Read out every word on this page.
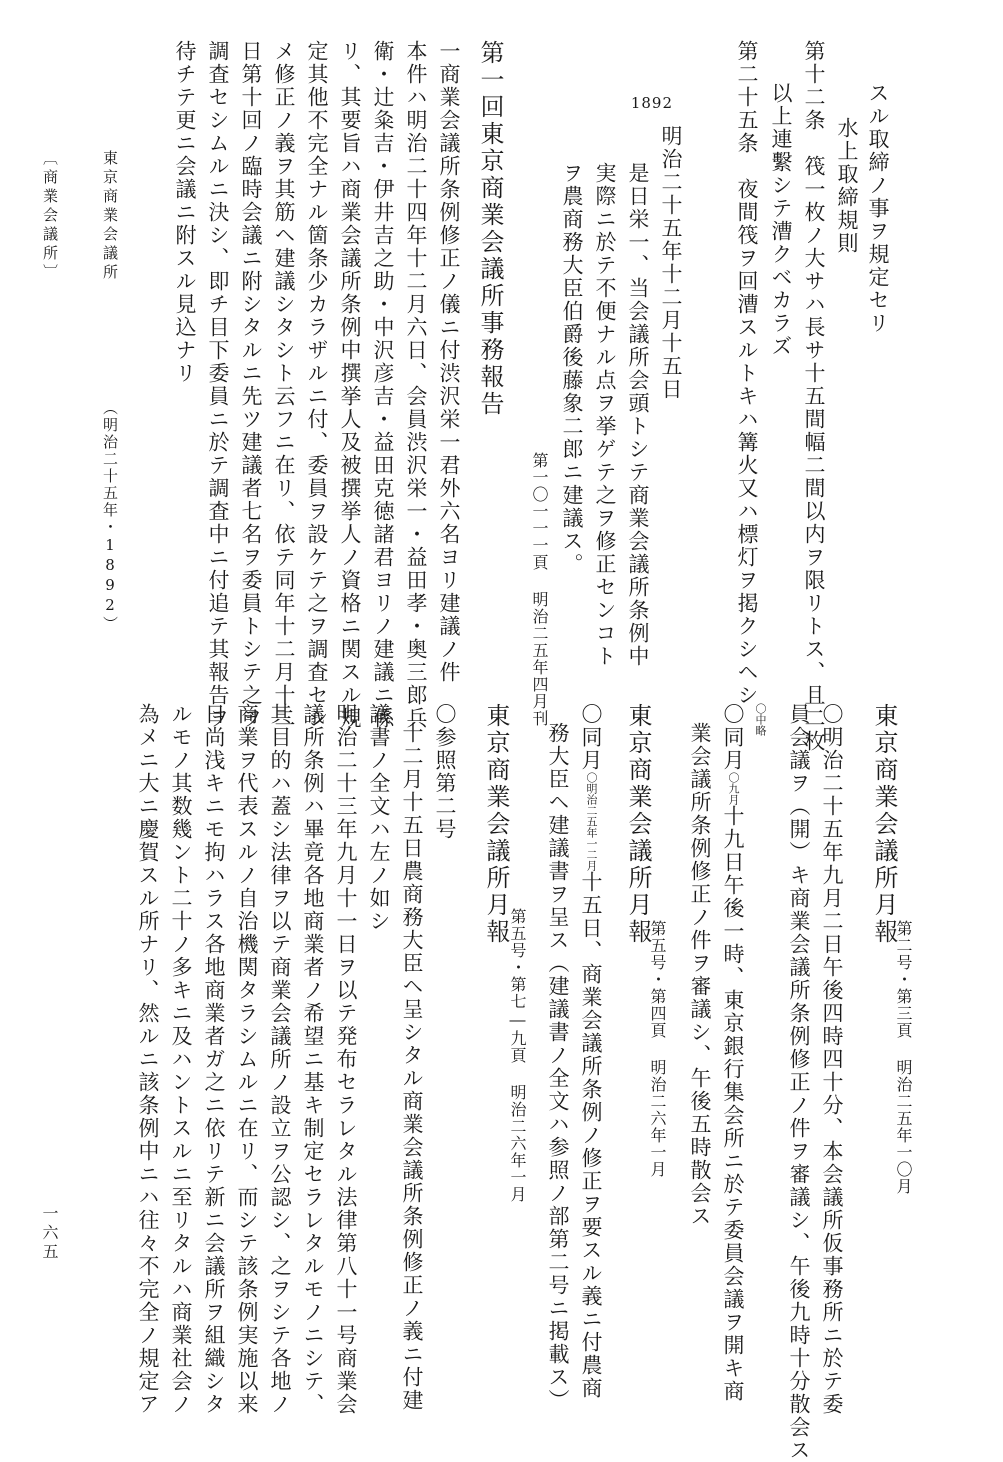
スル取締ノ事ヲ規定セリ
水上取締規則
第十二条　筏一枚ノ大サハ長サ十五間幅二間以内ヲ限リトス、且二枚
以上連繫シテ漕クベカラズ
第二十五条　夜間筏ヲ回漕スルトキハ篝火又ハ標灯ヲ掲クシヘシ
1892
明治二十五年十二月十五日
是日栄一、当会議所会頭トシテ商業会議所条例中
実際ニ於テ不便ナル点ヲ挙ゲテ之ヲ修正センコト
ヲ農商務大臣伯爵後藤象二郎ニ建議ス。
第一回東京商業会議所事務報告
第一〇一一一頁 明治二五年四月刊
一商業会議所条例修正ノ儀ニ付渋沢栄一君外六名ヨリ建議ノ件
本件ハ明治二十四年十二月六日、会員渋沢栄一・益田孝・奥三郎兵
衛・辻粂吉・伊井吉之助・中沢彦吉・益田克徳諸君ヨリノ建議ニ係
リ、其要旨ハ商業会議所条例中撰挙人及被撰挙人ノ資格ニ関スル規
定其他不完全ナル箇条少カラザルニ付、委員ヲ設ケテ之ヲ調査セシ
メ修正ノ義ヲ其筋ヘ建議シタシト云フニ在リ、依テ同年十二月十二
日第十回ノ臨時会議ニ附シタルニ先ツ建議者七名ヲ委員トシテ之ヲ
調査セシムルニ決シ、即チ目下委員ニ於テ調査中ニ付追テ其報告ヲ
待チテ更ニ会議ニ附スル見込ナリ
東京商業会議所
（明治二十五年・1892）
〔商業会議所〕
東京商業会議所月報
第二号・第三頁 明治二五年一〇月
〇明治二十五年九月二日午後四時四十分、本会議所仮事務所ニ於テ委
員会議ヲ（開）キ商業会議所条例修正ノ件ヲ審議シ、午後九時十分散会ス
〇中略
〇同月〇九月十九日午後一時、東京銀行集会所ニ於テ委員会議ヲ開キ商
業会議所条例修正ノ件ヲ審議シ、午後五時散会ス
東京商業会議所月報
第五号・第四頁 明治二六年一月
〇同月〇明治二五年一二月十五日、商業会議所条例ノ修正ヲ要スル義ニ付農商
務大臣ヘ建議書ヲ呈ス（建議書ノ全文ハ参照ノ部第二号ニ掲載ス）
東京商業会議所月報
第五号・第七―九頁 明治二六年一月
〇参照第二号
十二月十五日農商務大臣ヘ呈シタル商業会議所条例修正ノ義ニ付建
議書ノ全文ハ左ノ如シ
明治二十三年九月十一日ヲ以テ発布セラレタル法律第八十一号商業会
議所条例ハ畢竟各地商業者ノ希望ニ基キ制定セラレタルモノニシテ、
其目的ハ蓋シ法律ヲ以テ商業会議所ノ設立ヲ公認シ、之ヲシテ各地ノ
商業ヲ代表スルノ自治機関タラシムルニ在リ、而シテ該条例実施以来
日尚浅キニモ拘ハラス各地商業者ガ之ニ依リテ新ニ会議所ヲ組織シタ
ルモノ其数幾ント二十ノ多キニ及ハントスルニ至リタルハ商業社会ノ
為メニ大ニ慶賀スル所ナリ、然ルニ該条例中ニハ往々不完全ノ規定ア
一六五
